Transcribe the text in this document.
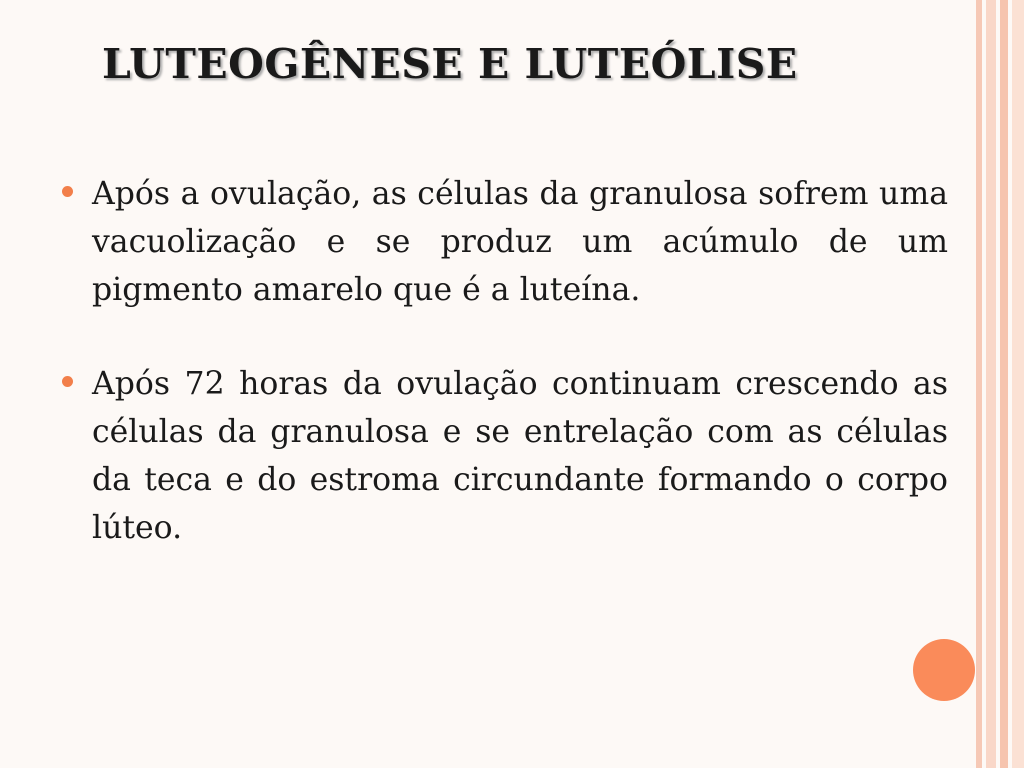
LUTEOGÊNESE E LUTEÓLISE
Após a ovulação, as células da granulosa sofrem uma vacuolização e se produz um acúmulo de um pigmento amarelo que é a luteína.
Após 72 horas da ovulação continuam crescendo as células da granulosa e se entrelação com as células da teca e do estroma circundante formando o corpo lúteo.
